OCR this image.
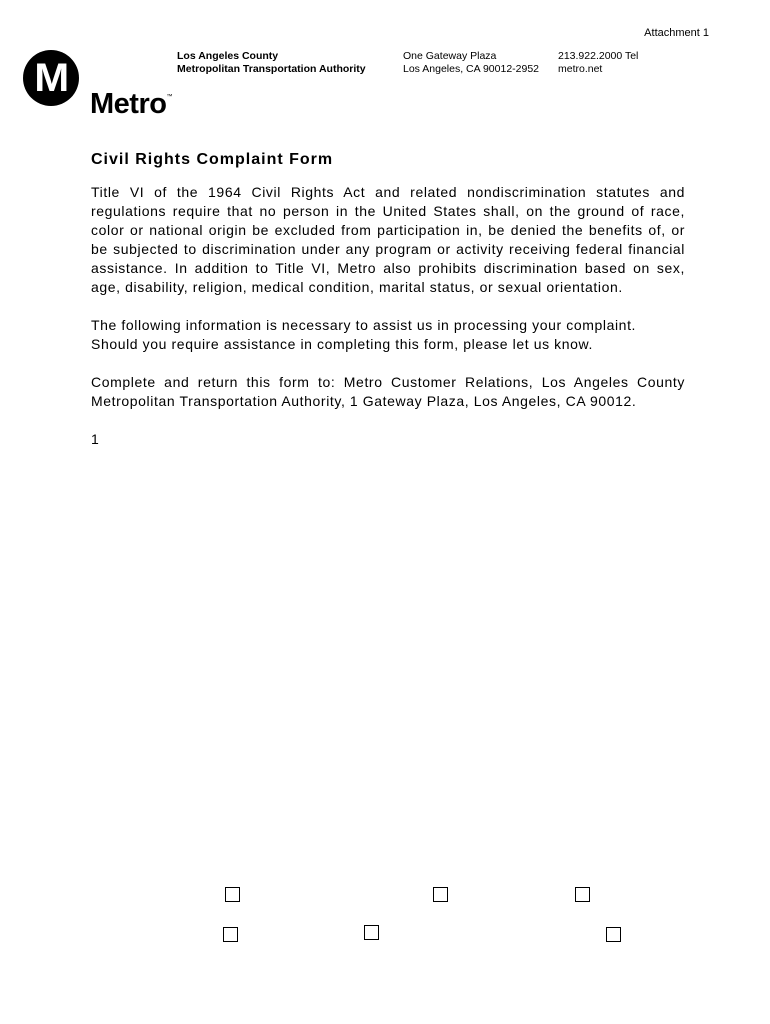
Attachment 1
M	Los Angeles County
Metropolitan Transportation Authority
One Gateway Plaza
Los Angeles, CA 90012-2952
213.922.2000 Tel
metro.net
Metro™
Civil Rights Complaint Form

Title VI of the 1964 Civil Rights Act and related nondiscrimination statutes and regulations require that no person in the United States shall, on the ground of race, color or national origin be excluded from participation in, be denied the benefits of, or be subjected to discrimination under any program or activity receiving federal financial assistance. In addition to Title VI, Metro also prohibits discrimination based on sex, age, disability, religion, medical condition, marital status, or sexual orientation.

The following information is necessary to assist us in processing your complaint. Should you require assistance in completing this form, please let us know.

Complete and return this form to: Metro Customer Relations, Los Angeles County Metropolitan Transportation Authority, 1 Gateway Plaza, Los Angeles, CA 90012.

1
